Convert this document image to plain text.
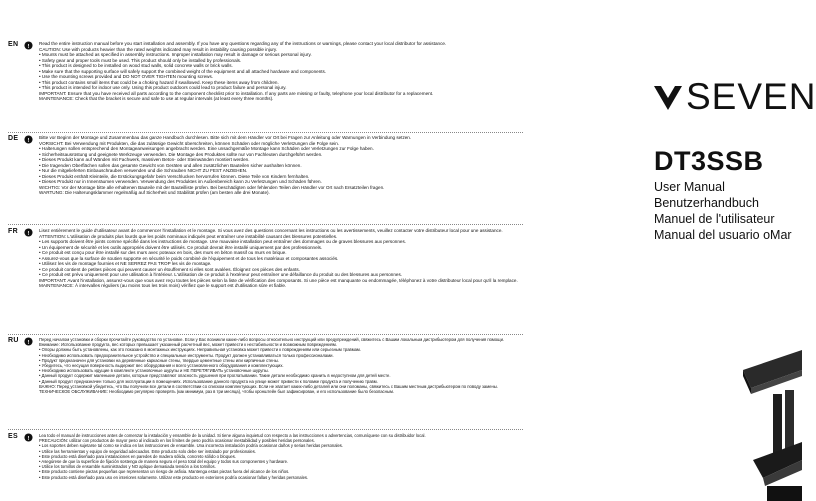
EN !

Read the entire instruction manual before you start installation and assembly. If you have any questions regarding any of the instructions or warnings, please contact your local distributor for assistance.

CAUTION: Use with products heavier than the rated weights indicated may result in instability causing possible injury.

• Mounts must be attached as specified in assembly instructions. Improper installation may result in damage or serious personal injury.

• Safety gear and proper tools must be used. This product should only be installed by professionals.

• This product is designed to be installed on wood stud walls, solid concrete walls or brick walls.

• Make sure that the supporting surface will safely support the combined weight of the equipment and all attached hardware and components.

• Use the mounting screws provided and DO NOT OVER TIGHTEN mounting screws.

• This product contains small items that could be a choking hazard if swallowed. Keep these items away from children.

• This product is intended for indoor use only. Using this product outdoors could lead to product failure and personal injury.

IMPORTANT: Ensure that you have received all parts according to the component checklist prior to installation. If any parts are missing or faulty, telephone your local distributor for a replacement.

MAINTENANCE: Check that the bracket is secure and safe to use at regular intervals (at least every three months).

DE !

Bitte vor Beginn der Montage und Zusammenbau das ganze Handbuch durchlesen. Bitte sich mit dem Händler vor Ort bei Fragen zur Anleitung oder Warnungen in Verbindung setzen.

VORSICHT: Bei Verwendung mit Produkten, die das zulässige Gewicht überschreiten, können Schäden oder mögliche Verletzungen die Folge sein.

• Halterungen sollen entsprechend den Montageanweisungen angebracht werden. Eine unsachgemäße Montage kann Schäden oder Verletzungen zur Folge haben.

• Sicherheitsausrüstung und geeignete Werkzeuge verwenden. Die Montage des Produktes sollte nur von Fachleuten durchgeführt werden.

• Dieses Produkt kann auf Wänden mit Fachwerk, massiven Beton- oder Steinwänden montiert werden.

• Die tragenden Oberflächen sollen das gesamte Gewicht von Geräten und allen zusätzlichen Bauteilen sicher aushalten können.

• Nur die mitgelieferten Einbauschrauben verwenden und die Schrauben NICHT ZU FEST ANZIEHEN.

• Dieses Produkt enthält Kleinteile, die Erstickungsgefahr beim Verschlucken hervorrufen können. Diese Teile von Kindern fernhalten.

• Dieses Produkt nur in Innenräumen verwenden. Verwendung des Produktes im Außenbereich kann zu Verletzungen und Schäden führen.

WICHTIG: Vor der Montage bitte alle erhaltenen Bauteile mit der Bauteilliste prüfen. Bei beschädigten oder fehlenden Teilen den Händler vor Ort nach Ersatzteilen fragen.

WARTUNG: Die Halterungsklammer regelmäßig auf Sicherheit und Stabilität prüfen (am besten alle drei Monate).

FR !

Lisez entièrement le guide d'utilisateur avant de commencer l'installation et le montage. Si vous avez des questions concernant les instructions ou les avertissements, veuillez contacter votre distributeur local pour une assistance.

ATTENTION: L'utilisation de produits plus lourds que les poids nominaux indiqués peut entraîner une instabilité causant des blessures potentielles.

• Les supports doivent être joints comme spécifié dans les instructions de montage. Une mauvaise installation peut entraîner des dommages ou de graves blessures aux personnes.

• Un équipement de sécurité et les outils appropriés doivent être utilisés. Ce produit devrait être installé uniquement par des professionnels.

• Ce produit est conçu pour être installé sur des murs avec poteaux en bois, des murs en béton massif ou murs en brique.

• Assurez-vous que la surface de soutien supporte en sécurité le poids combiné de l'équipement et de tous les matériaux et composantes associés.

• Utilisez les vis de montage fournies et NE SERREZ PAS TROP les vis de montage.

• Ce produit contient de petites pièces qui peuvent causer un étouffement si elles sont avalées. Éloignez ces pièces des enfants.

• Ce produit est prévu uniquement pour une utilisation à l'intérieur. L'utilisation de ce produit à l'extérieur peut entraîner une défaillance du produit ou des blessures aux personnes.

IMPORTANT: Avant l'installation, assurez-vous que vous avez reçu toutes les pièces selon la liste de vérification des composants. Si une pièce est manquante ou endommagée, téléphonez à votre distributeur local pour qu'il la remplace.

MAINTENANCE: À intervalles réguliers (au moins tous les trois mois) vérifiez que le support est d'utilisation sûre et fiable.

RU !

Перед началом установки и сборки прочитайте руководство по установке. Если у Вас возникли какие-либо вопросы относительно инструкций или предупреждений, свяжитесь с Вашим локальным дистрибьютером для получения помощи.

Внимание: Использование продукта, вес которых превышает указанный расчетный вес, может привести к нестабильности и возможным повреждениям.

• Опоры должны быть установлены, как это показано в монтажных инструкциях. Неправильная установка может привести к повреждениям или серьезным травмам.

• Необходимо использовать предохранительное устройство и специальные инструменты. Продукт должен устанавливаться только профессионалами.

• Продукт предназначен для установки на деревянные каркасные стены, твердые цементные стены или кирпичные стены.

• Убедитесь, что несущая поверхность выдержит вес оборудования и всего установленного оборудования и комплектующих.

• Необходимо использовать идущие в комплекте установочные шурупы и НЕ ПЕРЕТЯГИВАТЬ установочные шурупы.

• Данный продукт содержит маленькие детали, которые представляют опасность удушения при проглатывании. Такие детали необходимо хранить в недоступном для детей месте.

• Данный продукт предназначен только для эксплуатации в помещениях. Использование данного продукта на улице может привести к поломке продукта и получению травм.

ВАЖНО: Перед установкой убедитесь, что Вы получили все детали в соответствии со списком комплектующих. Если не хватает каких-либо деталей или они поломаны, свяжитесь с Вашим местным дистрибьютером по поводу замены.

ТЕХНИЧЕСКОЕ ОБСЛУЖИВАНИЕ: Необходимо регулярно проверять (как минимум, раз в три месяца), чтобы кронштейн был зафиксирован, и его использование было безопасным.

ES !

Lea todo el manual de instrucciones antes de comenzar la instalación y ensamble de la unidad. Si tiene alguna inquietud con respecto a las instrucciones o advertencias, comuníquese con su distribuidor local.

PRECAUCIÓN: utilizar con productos de mayor peso al indicado en los límites de peso podría ocasionar inestabilidad y posibles heridas personales.

• Los soportes deben sujetarse tal como se indica en las instrucciones de ensamble. Una incorrecta instalación podría ocasionar daños y serias heridas personales.

• Utilice las herramientas y equipo de seguridad adecuados. Este producto solo debe ser instalado por profesionales.

• Este producto está diseñado para instalaciones en paredes de madera sólida, concreto sólido o bloques.

• Asegúrese de que la superficie de fijación sostenga de manera segura el peso total del equipo y todos sus componentes y hardware.

• Utilice los tornillos de ensamble suministrados y NO aplique demasiada tensión a los tornillos.

• Este producto contiene piezas pequeñas que representan un riesgo de asfixia. Mantenga estas piezas fuera del alcance de los niños.

• Este producto está diseñado para uso en interiores solamente. Utilizar este producto en exteriores podría ocasionar fallas y heridas personales.

SEVEN
DT3SSB
User Manual
Benutzerhandbuch
Manuel de l'utilisateur
Manual del usuario oMar
